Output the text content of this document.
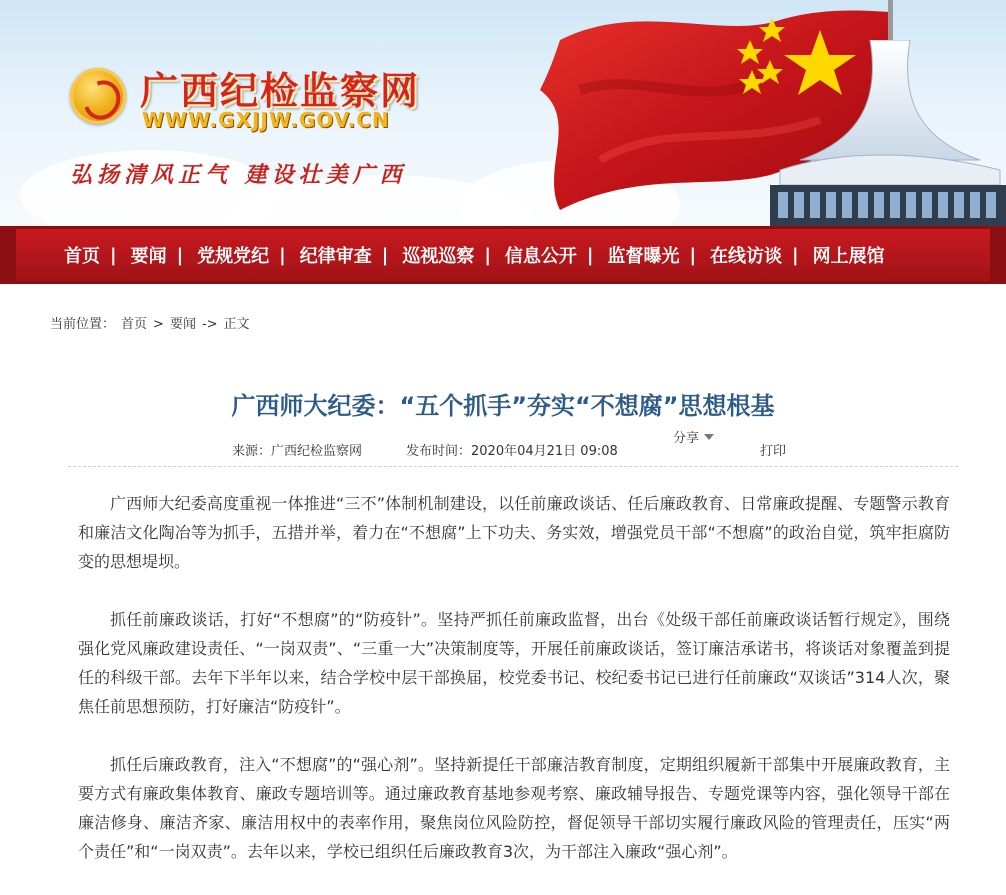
广西纪检监察网
WWW.GXJJW.GOV.CN
弘扬清风正气 建设壮美广西
首页 | 要闻 | 党规党纪 | 纪律审查 | 巡视巡察 | 信息公开 | 监督曝光 | 在线访谈 | 网上展馆
当前位置： 首页 > 要闻 -> 正文
广西师大纪委：“五个抓手”夯实“不想腐”思想根基
来源：广西纪检监察网	发布时间：2020年04月21日 09:08
分享
打印

广西师大纪委高度重视一体推进“三不”体制机制建设，以任前廉政谈话、任后廉政教育、日常廉政提醒、专题警示教育和廉洁文化陶冶等为抓手，五措并举，着力在“不想腐”上下功夫、务实效，增强党员干部“不想腐”的政治自觉，筑牢拒腐防变的思想堤坝。

抓任前廉政谈话，打好“不想腐”的“防疫针”。坚持严抓任前廉政监督，出台《处级干部任前廉政谈话暂行规定》，围绕强化党风廉政建设责任、“一岗双责”、“三重一大”决策制度等，开展任前廉政谈话，签订廉洁承诺书，将谈话对象覆盖到提任的科级干部。去年下半年以来，结合学校中层干部换届，校党委书记、校纪委书记已进行任前廉政“双谈话”314人次，聚焦任前思想预防，打好廉洁“防疫针”。

抓任后廉政教育，注入“不想腐”的“强心剂”。坚持新提任干部廉洁教育制度，定期组织履新干部集中开展廉政教育，主要方式有廉政集体教育、廉政专题培训等。通过廉政教育基地参观考察、廉政辅导报告、专题党课等内容，强化领导干部在廉洁修身、廉洁齐家、廉洁用权中的表率作用，聚焦岗位风险防控，督促领导干部切实履行廉政风险的管理责任，压实“两个责任”和“一岗双责”。去年以来，学校已组织任后廉政教育3次，为干部注入廉政“强心剂”。
